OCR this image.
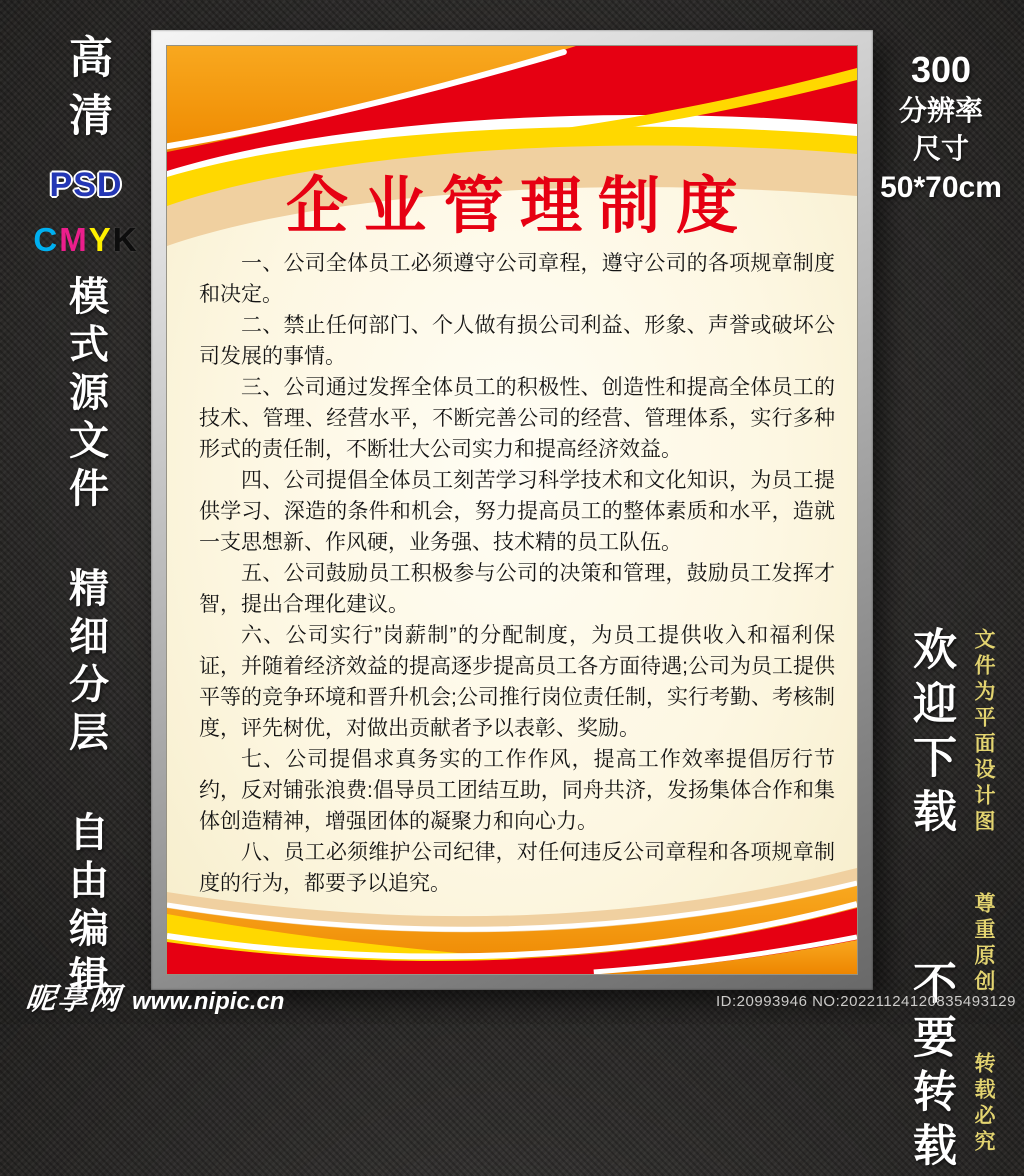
高清
PSD
CMYK
模式源文件 精细分层 自由编辑
300
分辨率
尺寸
50*70cm
欢迎下载  不要转载 文件为平面设计图  尊重原创  转载必究
昵享网 www.nipic.cn	ID:20993946 NO:20221124120835493129
企业管理制度

一、公司全体员工必须遵守公司章程，遵守公司的各项规章制度和决定。

二、禁止任何部门、个人做有损公司利益、形象、声誉或破坏公司发展的事情。

三、公司通过发挥全体员工的积极性、创造性和提高全体员工的技术、管理、经营水平，不断完善公司的经营、管理体系，实行多种形式的责任制，不断壮大公司实力和提高经济效益。

四、公司提倡全体员工刻苦学习科学技术和文化知识，为员工提供学习、深造的条件和机会，努力提高员工的整体素质和水平，造就一支思想新、作风硬，业务强、技术精的员工队伍。

五、公司鼓励员工积极参与公司的决策和管理，鼓励员工发挥才智，提出合理化建议。

六、公司实行”岗薪制”的分配制度，为员工提供收入和福利保证，并随着经济效益的提高逐步提高员工各方面待遇;公司为员工提供平等的竞争环境和晋升机会;公司推行岗位责任制，实行考勤、考核制度，评先树优，对做出贡献者予以表彰、奖励。

七、公司提倡求真务实的工作作风，提高工作效率提倡厉行节约，反对铺张浪费:倡导员工团结互助，同舟共济，发扬集体合作和集体创造精神，增强团体的凝聚力和向心力。

八、员工必须维护公司纪律，对任何违反公司章程和各项规章制度的行为，都要予以追究。
